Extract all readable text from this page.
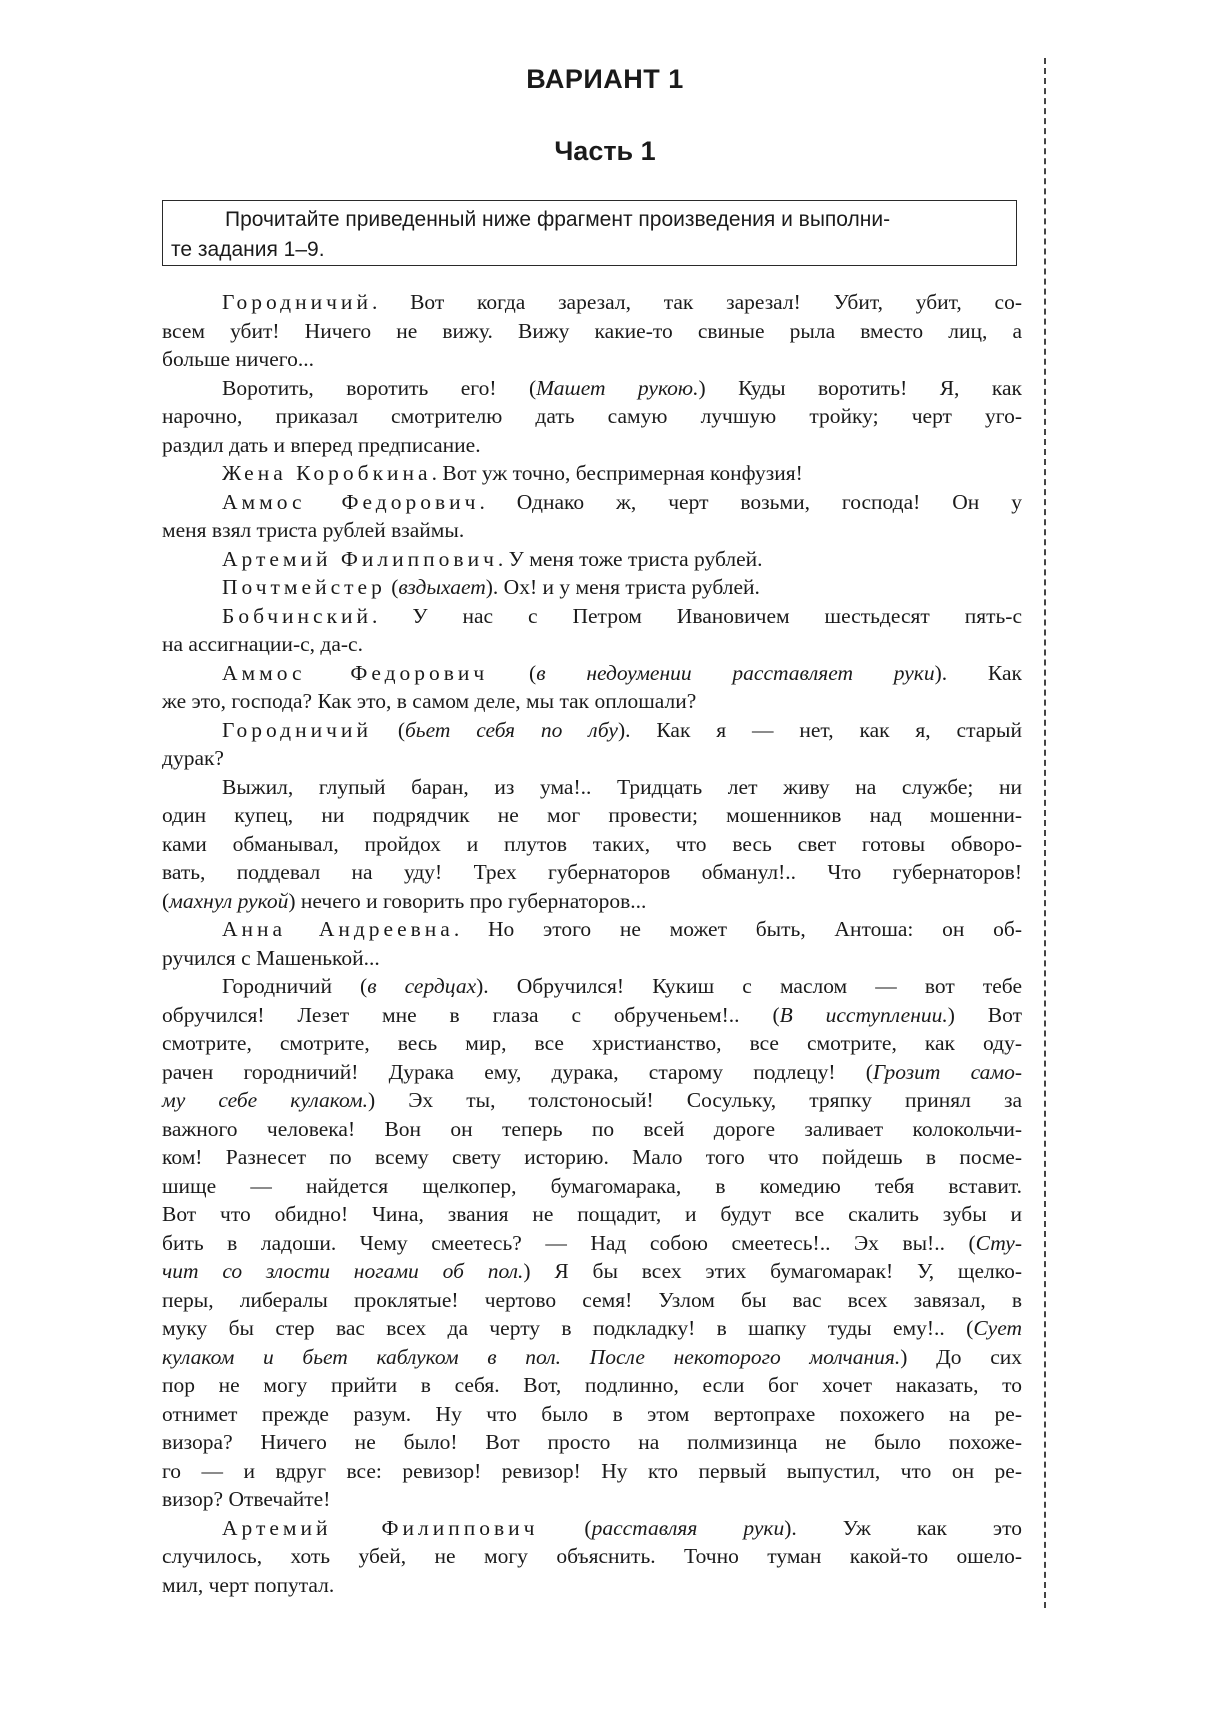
ВАРИАНТ 1
Часть 1
Прочитайте приведенный ниже фрагмент произведения и выполни-
те задания 1–9.
Городничий. Вот когда зарезал, так зарезал! Убит, убит, со-
всем убит! Ничего не вижу. Вижу какие-то свиные рыла вместо лиц, а
больше ничего...
Воротить, воротить его! (Машет рукою.) Куды воротить! Я, как
нарочно, приказал смотрителю дать самую лучшую тройку; черт уго-
раздил дать и вперед предписание.
Жена Коробкина. Вот уж точно, беспримерная конфузия!
Аммос Федорович. Однако ж, черт возьми, господа! Он у
меня взял триста рублей взаймы.
Артемий Филиппович. У меня тоже триста рублей.
Почтмейстер (вздыхает). Ох! и у меня триста рублей.
Бобчинский. У нас с Петром Ивановичем шестьдесят пять-с
на ассигнации-с, да-с.
Аммос Федорович (в недоумении расставляет руки). Как
же это, господа? Как это, в самом деле, мы так оплошали?
Городничий (бьет себя по лбу). Как я — нет, как я, старый
дурак?
Выжил, глупый баран, из ума!.. Тридцать лет живу на службе; ни
один купец, ни подрядчик не мог провести; мошенников над мошенни-
ками обманывал, пройдох и плутов таких, что весь свет готовы обворо-
вать, поддевал на уду! Трех губернаторов обманул!.. Что губернаторов!
(махнул рукой) нечего и говорить про губернаторов...
Анна Андреевна. Но этого не может быть, Антоша: он об-
ручился с Машенькой...
Городничий (в сердцах). Обручился! Кукиш с маслом — вот тебе
обручился! Лезет мне в глаза с обрученьем!.. (В исступлении.) Вот
смотрите, смотрите, весь мир, все христианство, все смотрите, как оду-
рачен городничий! Дурака ему, дурака, старому подлецу! (Грозит само-
му себе кулаком.) Эх ты, толстоносый! Сосульку, тряпку принял за
важного человека! Вон он теперь по всей дороге заливает колокольчи-
ком! Разнесет по всему свету историю. Мало того что пойдешь в посме-
шище — найдется щелкопер, бумагомарака, в комедию тебя вставит.
Вот что обидно! Чина, звания не пощадит, и будут все скалить зубы и
бить в ладоши. Чему смеетесь? — Над собою смеетесь!.. Эх вы!.. (Сту-
чит со злости ногами об пол.) Я бы всех этих бумагомарак! У, щелко-
перы, либералы проклятые! чертово семя! Узлом бы вас всех завязал, в
муку бы стер вас всех да черту в подкладку! в шапку туды ему!.. (Сует
кулаком и бьет каблуком в пол. После некоторого молчания.) До сих
пор не могу прийти в себя. Вот, подлинно, если бог хочет наказать, то
отнимет прежде разум. Ну что было в этом вертопрахе похожего на ре-
визора? Ничего не было! Вот просто на полмизинца не было похоже-
го — и вдруг все: ревизор! ревизор! Ну кто первый выпустил, что он ре-
визор? Отвечайте!
Артемий Филиппович (расставляя руки). Уж как это
случилось, хоть убей, не могу объяснить. Точно туман какой-то ошело-
мил, черт попутал.
